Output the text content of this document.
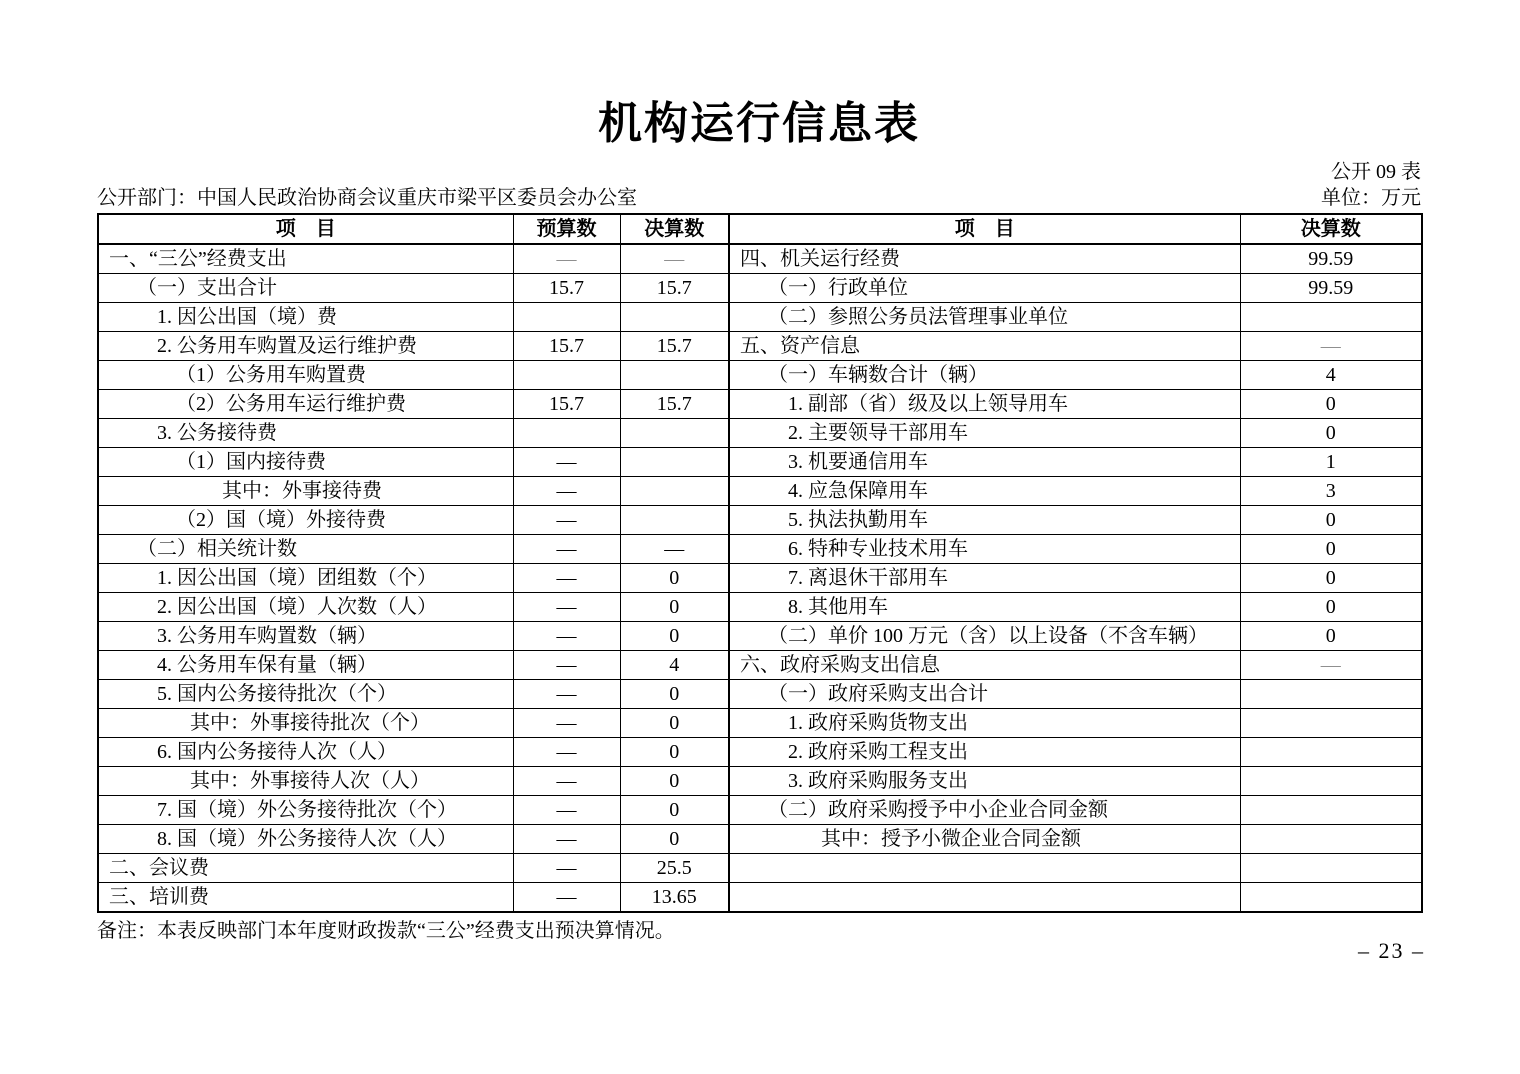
机构运行信息表
公开 09 表
公开部门：中国人民政治协商会议重庆市梁平区委员会办公室	单位：万元
项　目	预算数	决算数	项　目	决算数
一、“三公”经费支出	—	—	四、机关运行经费	99.59
（一）支出合计	15.7	15.7	（一）行政单位	99.59
1. 因公出国（境）费			（二）参照公务员法管理事业单位	
2. 公务用车购置及运行维护费	15.7	15.7	五、资产信息	—
（1）公务用车购置费			（一）车辆数合计（辆）	4
（2）公务用车运行维护费	15.7	15.7	1. 副部（省）级及以上领导用车	0
3. 公务接待费			2. 主要领导干部用车	0
（1）国内接待费	—		3. 机要通信用车	1
其中：外事接待费	—		4. 应急保障用车	3
（2）国（境）外接待费	—		5. 执法执勤用车	0
（二）相关统计数	—	—	6. 特种专业技术用车	0
1. 因公出国（境）团组数（个）	—	0	7. 离退休干部用车	0
2. 因公出国（境）人次数（人）	—	0	8. 其他用车	0
3. 公务用车购置数（辆）	—	0	（二）单价 100 万元（含）以上设备（不含车辆）	0
4. 公务用车保有量（辆）	—	4	六、政府采购支出信息	—
5. 国内公务接待批次（个）	—	0	（一）政府采购支出合计	
其中：外事接待批次（个）	—	0	1. 政府采购货物支出	
6. 国内公务接待人次（人）	—	0	2. 政府采购工程支出	
其中：外事接待人次（人）	—	0	3. 政府采购服务支出	
7. 国（境）外公务接待批次（个）	—	0	（二）政府采购授予中小企业合同金额	
8. 国（境）外公务接待人次（人）	—	0	其中：授予小微企业合同金额	
二、会议费	—	25.5		
三、培训费	—	13.65		
备注：本表反映部门本年度财政拨款“三公”经费支出预决算情况。
– 23 –
